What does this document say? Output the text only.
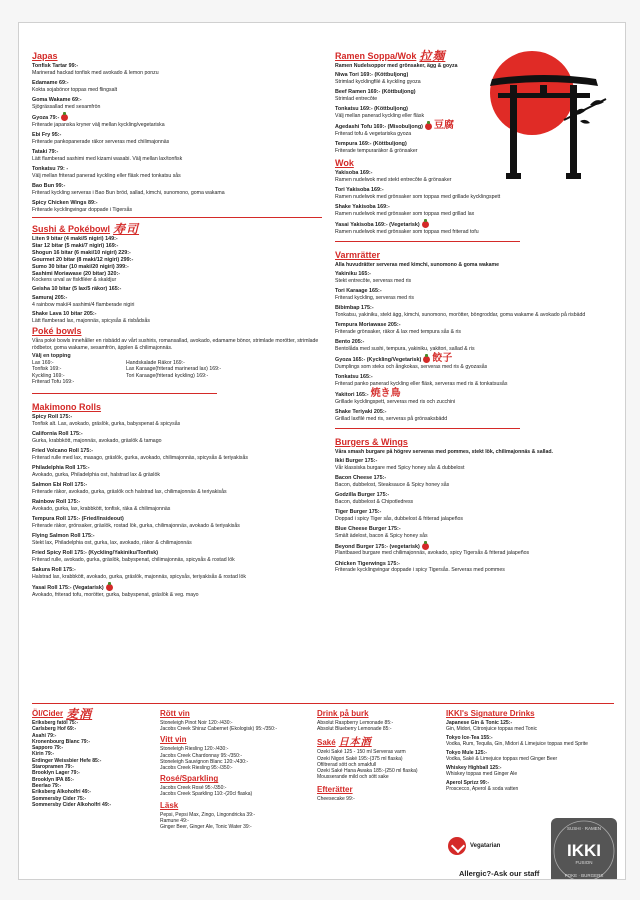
Japas
Tonfisk Tartar 99:-
Marinerad hackad tonfisk med avokado & lemon ponzu
Edamame 69:-
Kokta sojabönor toppas med flingsalt
Goma Wakame 69:-
Sjögrässallad med sesamfrön
Gyoza 79:-
Friterade japanska kryner välj mellan kyckling/vegetariska
Ebi Fry 95:-
Friterade pankopanerade räkor serveras med chilimajonnäs
Tataki 79:-
Lätt flamberad sashimi med kizami wasabi. Välj mellan lax/tonfisk
Tonkatsu 79: -
Välj mellan friterad panerad kyckling eller fläsk med tonkatsu sås
Bao Bun 99:-
Friterad kyckling serveras i Bao Bun bröd, sallad, kimchi, sunomono, goma wakama
Spicy Chicken Wings 89:-
Friterade kycklingvingar doppade i Tigersås
Sushi & Pokébowl 寿司
Liten 9 bitar (4 maki/5 nigiri) 149:-
Star 12 bitar (5 maki/7 nigiri) 169:-
Shogun 16 bitar (6 maki/10 nigiri) 229:-
Gourmet 20 bitar (8 maki/12 nigiri) 299:-
Sumo 30 bitar (10 maki/20 nigiri) 399:-
Sashimi Moriawase (20 bitar) 320:-
Kockens urval av fiskfiléer & skaldjur
Geisha 10 bitar (5 lax/5 räkor) 165:-
Samuraj 205:-
4 rainbow maki/4 sashimi/4 flamberade nigiri
Shake Lava 10 bitar 205:-
Lätt flamberad lax, majonnäs, spicysås & risbådsås
Poké bowls
Våra poké bowls innehåller en risbädd av vårt sushiris, romansallad, avokado, edamame bönor, strimlade morötter, strimlade rödbetor, goma wakame, sesamfrön, äpplen & chilimajonnäs.
Välj en topping
Lax 169:-
Tonfisk 169:-
Kyckling 169:-
Friterad Tofu 169:-
Handskalade Räkor 169:-
Lax Karaage(friterad marinerad lax) 169:-
Tori Karaage(friterad kyckling) 169:-
Makimono Rolls
Spicy Roll 175:-
Tonfisk alt. Lax, avokado, gräslök, gurka, babyspenat & spicysås
California Roll 175:-
Gurka, krabbkött, majonnäs, avokado, gräslök & tamago
Fried Volcano Roll 175:-
Friterad rulle med lax, masago, gräslök, gurka, avokado, chilimajonnäs, spicysås & teriyakisås
Philadelphia Roll 175:-
Avokado, gurka, Philadelphia ost, halstrad lax & gräslök
Salmon Ebi Roll 175:-
Friterade räkor, avokado, gurka, gräslök och halstrad lax, chilimajonnäs & teriyakisås
Rainbow Roll 175:-
Avokado, gurka, lax, krabbkött, tonfisk, räka & chilimajonnäs
Tempura Roll 175:- (Fried/Insideout)
Friterade räkor, grönsaker, gräslök, rostad lök, gurka, chilimajonnäs, avokado & teriyakisås
Flying Salmon Roll 175:-
Stekt lax, Philadelphia ost, gurka, lax, avokado, räkor & chilimajonnäs
Fried Spicy Roll 175:- (Kyckling/Yakiniku/Tonfisk)
Friterad rulle, avokado, gurka, gräslök, babyspenat, chilimajonnäs, spicysås & rostad lök
Sakura Roll 175:-
Halstrad lax, krabbkött, avokado, gurka, gräslök, majonnäs, spicysås, teriyakisås & rostad lök
Yasai Roll 175:- (Vegatarisk)
Avokado, friterad tofu, morötter, gurka, babyspenat, gräslök & veg. mayo
Ramen Soppa/Wok 拉麺
Ramen Nudelsoppor med grönsaker, ägg & goyza
Niwa Tori 169:- (Köttbuljong)
Strimlad kycklingfilé & kyckling gyoza
Beef Ramen 169:- (Köttbuljong)
Strimlad entrecôte
Tonkatsu 169:- (Köttbuljong)
Välj mellan panerad kyckling eller fläsk
Agedashi Tofu 169:- (Misobuljong) 豆腐
Friterad tofu & vegetariska gyoza
Tempura 169:- (Köttbuljong)
Friterade tempuraräkor & grönsaker
Wok
Yakisoba 169:-
Ramen nudelwok med stekt entrecôte & grönsaker
Tori Yakisoba 169:-
Ramen nudelwok med grönsaker som toppas med grillade kycklingspett
Shake Yakisoba 169:-
Ramen nudelwok med grönsaker som toppas med grillad lax
Yasai Yakisoba 169:- (Vegetarisk)
Ramen nudelwok med grönsaker som toppas med friterad tofu
Varmrätter
Alla huvudrätter serveras med kimchi, sunomono & goma wakame
Yakiniku 165:-
Stekt entrecôte, serveras med ris
Tori Karaage 165:-
Friterad kyckling, serveras med ris
Bibimbap 175:-
Tonkatsu, yakiniku, stekt ägg, kimchi, sunomono, morötter, böngroddar, goma wakame & avokado på risbädd
Tempura Moriawase 205:-
Friterade grönsaker, räkor & lax med tempura sås & ris
Bento 205:-
Bentolåda med sushi, tempura, yakiniku, yakitori, sallad & ris
Gyoza 165:- (Kyckling/Vegetarisk) 餃子
Dumplings som steks och ångkokas, serveras med ris & gyozasås
Tonkatsu 165:-
Friterad panko panerad kyckling eller fläsk, serveras med ris & tonkatsusås
Yakitori 165:- 焼き鳥
Grillade kycklingspett, serveras med ris och zucchini
Shake Teriyaki 205:-
Grillad laxfilé med ris, serveras på grönsaksbädd
Burgers & Wings
Våra smash burgare på högrev serveras med pommes, stekt lök, chilimajonnäs & sallad.
Ikki Burger 175:-
Vår klassiska burgare med Spicy honey sås & dubbelost
Bacon Cheese 175:-
Bacon, dubbelost, Steaksauce & Spicy honey sås
Godzilla Burger 175:-
Bacon, dubbelost & Chipotledress
Tiger Burger 175:-
Doppad i spicy Tiger sås, dubbelost & friterad jalapeños
Blue Cheese Burger 175:-
Smält ädelost, bacon & Spicy honey sås
Beyond Burger 175:- (vegetarisk)
Plantbased burgare med chilimajonnäs, avokado, spicy Tigersås & friterad jalapeños
Chicken Tigerwings 175:-
Friterade kycklingvingar doppade i spicy Tigersås. Serveras med pommes
Öl/Cider 麦酒
Eriksberg fatöl 75:-
Carlsberg Hof 69:-
Asahi 79:-
Kronenbourg Blanc 79:-
Sapporo 79:-
Kirin 79:-
Erdinger Weissbier Hefe 85:-
Staropramen 79:-
Brooklyn Lager 79:-
Brooklyn IPA 85:-
Beerlao 79:-
Eriksberg Alkoholfri 49:-
Sommersby Cider 75:-
Sommersby Cider Alkoholfri 49:-
Rött vin
Stoneleigh Pinot Noir 120:-/430:-
Jacobs Creek Shiraz Cabernet (Ekologisk) 95:-/350:-
Vitt vin
Stoneleigh Riesling 120:-/430:-
Jacobs Creek Chardonnay 95:-/350:-
Stoneleigh Sauvignon Blanc 120:-/430:-
Jacobs Creek Riesling 95:-/350:-
Rosé/Sparkling
Jacobs Creek Rosé 95:-/350:-
Jacobs Creek Sparkling 110:-(20cl flaska)
Läsk
Pepsi, Pepsi Max, Zingo, Lingondricka 39:-
Ramune 49:-
Ginger Beer, Ginger Ale, Tonic Water 39:-
Drink på burk
Absolut Raspberry Lemonade 85:-
Absolut Blueberry Lemonade 85:-
Saké 日本酒
Ozeki Saké 125 - 150 ml Serveras varm
Ozeki Nigori Saké 195:-(375 ml flaska)
Ofiltrerad sött och smakfull
Ozeki Saké Hana Awaka 185:-(250 ml flaska)
Mousserande mild och sött sake
Efterätter
Cheesecake 99:-
IKKI's Signature Drinks
Japanese Gin & Tonic 125:-
Gin, Midori, Citronjuice toppas med Tonic
Tokyo Ice-Tea 155:-
Vodka, Rum, Tequila, Gin, Midori & Limejuice toppas med Sprite
Tokyo Mule 125:-
Vodka, Saké & Limejuice toppas med Ginger Beer
Whiskey Highball 125:-
Whiskey toppas med Ginger Ale
Aperol Sprizz 99:-
Proscecco, Aperol & soda vatten
Vegatarian
Allergic?-Ask our staff
IKKI
FUSION
SUSHI · RAMEN
POKE · BURGERS
